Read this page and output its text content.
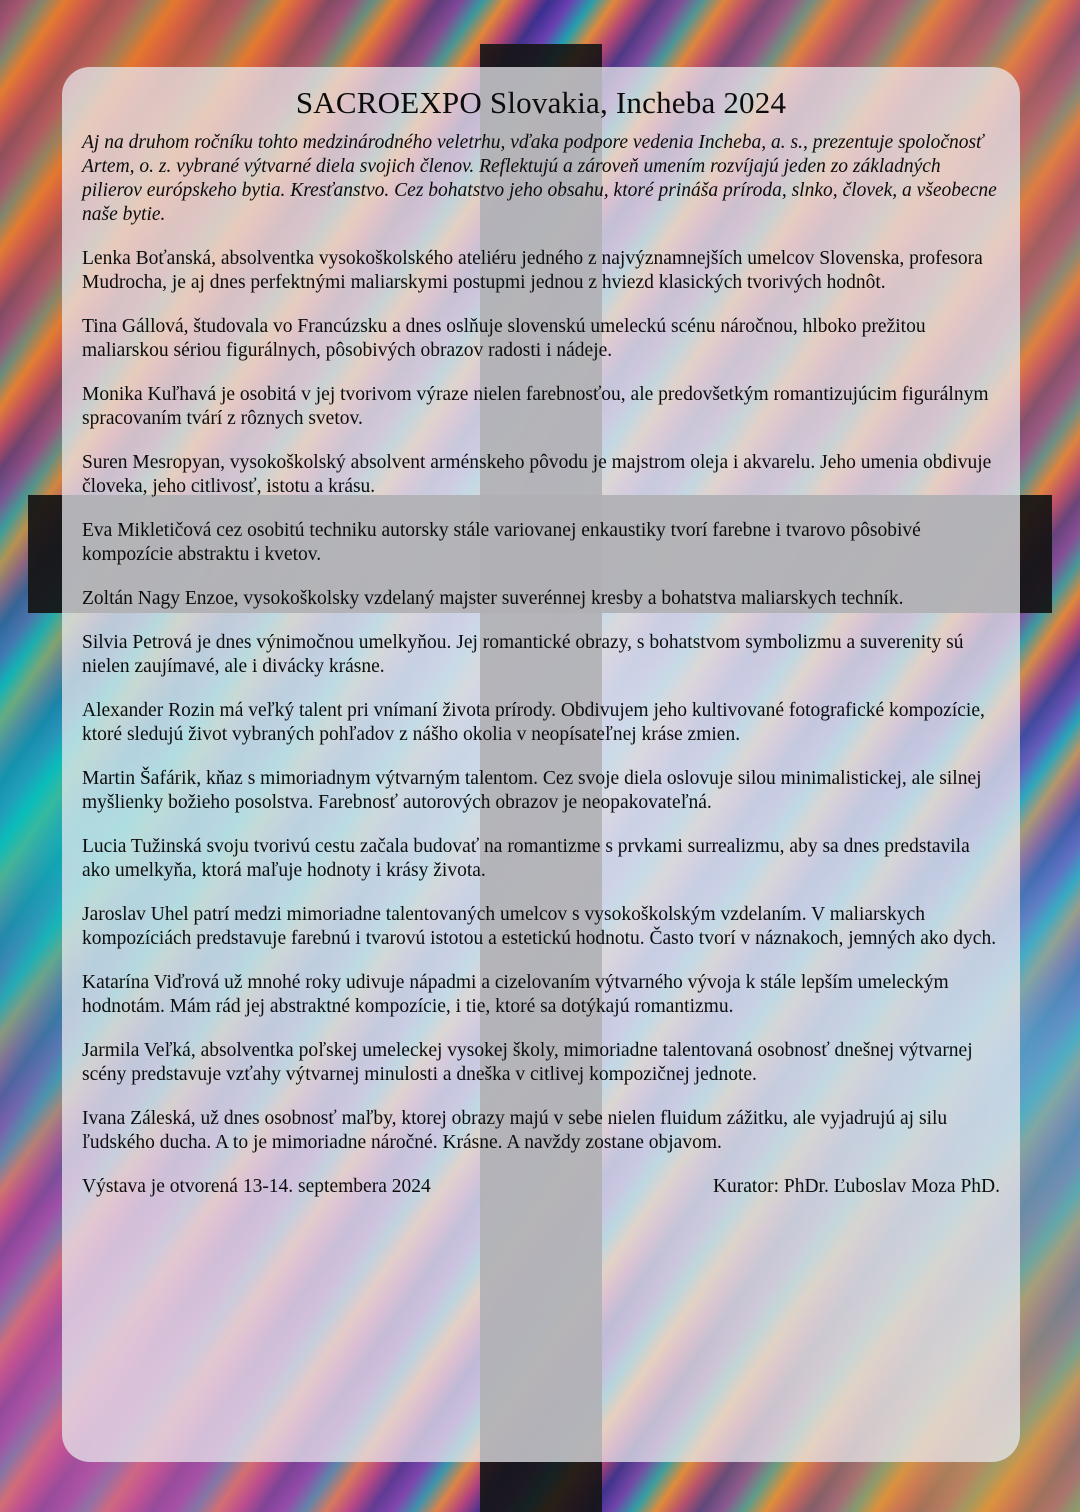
SACROEXPO Slovakia, Incheba 2024

Aj na druhom ročníku tohto medzinárodného veletrhu, vďaka podpore vedenia Incheba, a. s., prezentuje spoločnosť Artem, o. z. vybrané výtvarné diela svojich členov. Reflektujú a zároveň umením rozvíjajú jeden zo základných pilierov európskeho bytia. Kresťanstvo. Cez bohatstvo jeho obsahu, ktoré prináša príroda, slnko, človek, a všeobecne naše bytie.

Lenka Boťanská, absolventka vysokoškolského ateliéru jedného z najvýznamnejších umelcov Slovenska, profesora Mudrocha, je aj dnes perfektnými maliarskymi postupmi jednou z hviezd klasických tvorivých hodnôt.

Tina Gállová, študovala vo Francúzsku a dnes oslňuje slovenskú umeleckú scénu náročnou, hlboko prežitou maliarskou sériou figurálnych, pôsobivých obrazov radosti i nádeje.

Monika Kuľhavá je osobitá v jej tvorivom výraze nielen farebnosťou, ale predovšetkým romantizujúcim figurálnym spracovaním tvárí z rôznych svetov.

Suren Mesropyan, vysokoškolský absolvent arménskeho pôvodu je majstrom oleja i akvarelu. Jeho umenia obdivuje človeka, jeho citlivosť, istotu a krásu.

Eva Mikletičová cez osobitú techniku autorsky stále variovanej enkaustiky tvorí farebne i tvarovo pôsobivé kompozície abstraktu i kvetov.

Zoltán Nagy Enzoe, vysokoškolsky vzdelaný majster suverénnej kresby a bohatstva maliarskych techník.

Silvia Petrová je dnes výnimočnou umelkyňou. Jej romantické obrazy, s bohatstvom symbolizmu a suverenity sú nielen zaujímavé, ale i divácky krásne.

Alexander Rozin má veľký talent pri vnímaní života prírody. Obdivujem jeho kultivované fotografické kompozície, ktoré sledujú život vybraných pohľadov z nášho okolia v neopísateľnej kráse zmien.

Martin Šafárik, kňaz s mimoriadnym výtvarným talentom. Cez svoje diela oslovuje silou minimalistickej, ale silnej myšlienky božieho posolstva. Farebnosť autorových obrazov je neopakovateľná.

Lucia Tužinská svoju tvorivú cestu začala budovať na romantizme s prvkami surrealizmu, aby sa dnes predstavila ako umelkyňa, ktorá maľuje hodnoty i krásy života.

Jaroslav Uhel patrí medzi mimoriadne talentovaných umelcov s vysokoškolským vzdelaním. V maliarskych kompozíciách predstavuje farebnú i tvarovú istotou a estetickú hodnotu. Často tvorí v náznakoch, jemných ako dych.

Katarína Viďrová už mnohé roky udivuje nápadmi a cizelovaním výtvarného vývoja k stále lepším umeleckým hodnotám. Mám rád jej abstraktné kompozície, i tie, ktoré sa dotýkajú romantizmu.

Jarmila Veľká, absolventka poľskej umeleckej vysokej školy, mimoriadne talentovaná osobnosť dnešnej výtvarnej scény predstavuje vzťahy výtvarnej minulosti a dneška v citlivej kompozičnej jednote.

Ivana Záleská, už dnes osobnosť maľby, ktorej obrazy majú v sebe nielen fluidum zážitku, ale vyjadrujú aj silu ľudského ducha. A to je mimoriadne náročné. Krásne. A navždy zostane objavom.

Výstava je otvorená 13-14. septembera 2024	Kurator: PhDr. Ľuboslav Moza PhD.
